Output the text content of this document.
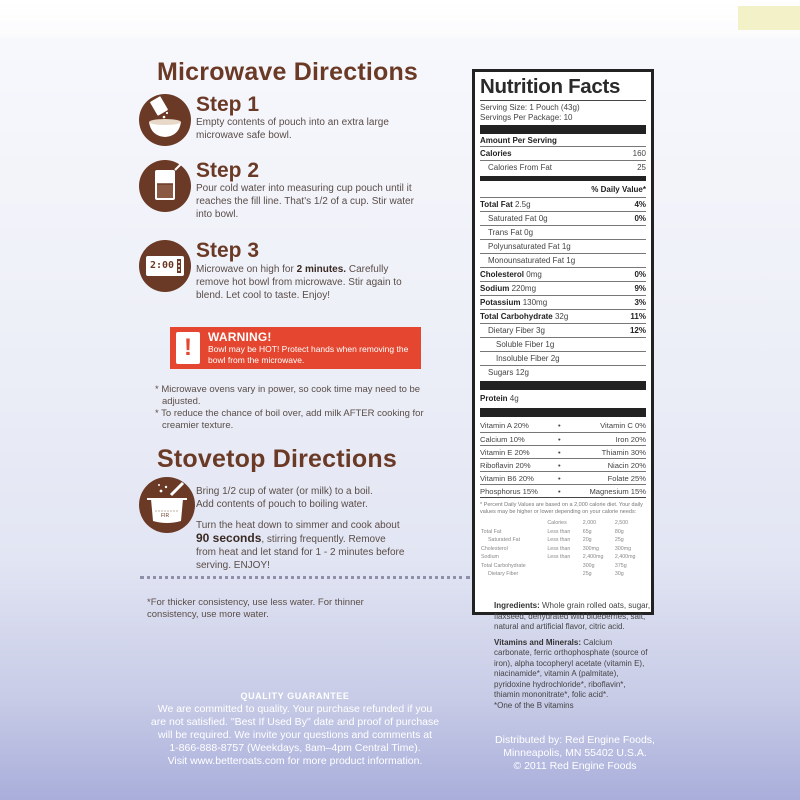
Microwave Directions
Step 1
Empty contents of pouch into an extra large
microwave safe bowl.
Step 2
Pour cold water into measuring cup pouch until it
reaches the fill line. That's 1/2 of a cup. Stir water
into bowl.
2:00
Step 3
Microwave on high for 2 minutes. Carefully
remove hot bowl from microwave. Stir again to
blend. Let cool to taste. Enjoy!
!	WARNING!
Bowl may be HOT! Protect hands when removing the bowl from the microwave.
* Microwave ovens vary in power, so cook time may need to be
adjusted.
* To reduce the chance of boil over, add milk AFTER cooking for
creamier texture.
Stovetop Directions
FIR
Bring 1/2 cup of water (or milk) to a boil.
Add contents of pouch to boiling water.
Turn the heat down to simmer and cook about
90 seconds, stirring frequently. Remove
from heat and let stand for 1 - 2 minutes before
serving. ENJOY!
*For thicker consistency, use less water. For thinner
consistency, use more water.
QUALITY GUARANTEE
We are committed to quality. Your purchase refunded if you
are not satisfied. "Best If Used By" date and proof of purchase
will be required. We invite your questions and comments at
1-866-888-8757 (Weekdays, 8am–4pm Central Time).
Visit www.betteroats.com for more product information.
Distributed by: Red Engine Foods,
Minneapolis, MN 55402 U.S.A.
© 2011 Red Engine Foods
Nutrition Facts
Serving Size: 1 Pouch (43g)
Servings Per Package: 10
Amount Per Serving
Calories	160
Calories From Fat	25
% Daily Value*
Total Fat 2.5g	4%
Saturated Fat 0g	0%
Trans Fat 0g
Polyunsaturated Fat 1g
Monounsaturated Fat 1g
Cholesterol 0mg	0%
Sodium 220mg	9%
Potassium 130mg	3%
Total Carbohydrate 32g	11%
Dietary Fiber 3g	12%
Soluble Fiber 1g
Insoluble Fiber 2g
Sugars 12g
Protein 4g
Vitamin A 20%	•	Vitamin C 0%
Calcium 10%	•	Iron 20%
Vitamin E 20%	•	Thiamin 30%
Riboflavin 20%	•	Niacin 20%
Vitamin B6 20%	•	Folate 25%
Phosphorus 15%	•	Magnesium 15%
* Percent Daily Values are based on a 2,000 calorie diet. Your daily values may be higher or lower depending on your calorie needs:
	Calories	2,000	2,500
Total Fat	Less than	65g	80g
Saturated Fat	Less than	20g	25g
Cholesterol	Less than	300mg	300mg
Sodium	Less than	2,400mg	2,400mg
Total Carbohydrate		300g	375g
Dietary Fiber		25g	30g
Ingredients: Whole grain rolled oats, sugar, flaxseed, dehydrated wild blueberries, salt, natural and artificial flavor, citric acid.
Vitamins and Minerals: Calcium carbonate, ferric orthophosphate (source of iron), alpha tocopheryl acetate (vitamin E), niacinamide*, vitamin A (palmitate), pyridoxine hydrochloride*, riboflavin*, thiamin mononitrate*, folic acid*.
*One of the B vitamins
